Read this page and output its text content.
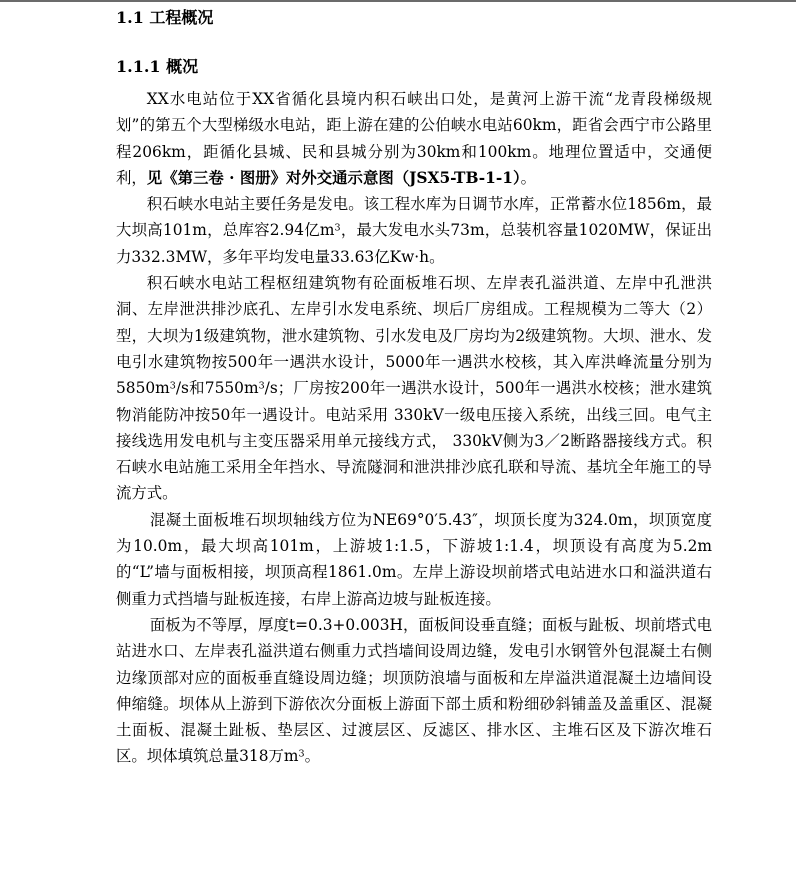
1.1 工程概况
1.1.1 概况

XX水电站位于XX省循化县境内积石峡出口处，是黄河上游干流“龙青段梯级规划”的第五个大型梯级水电站，距上游在建的公伯峡水电站60km，距省会西宁市公路里程206km，距循化县城、民和县城分别为30km和100km。地理位置适中，交通便利，见《第三卷 · 图册》对外交通示意图（JSX5-TB-1-1）。

积石峡水电站主要任务是发电。该工程水库为日调节水库，正常蓄水位1856m，最大坝高101m，总库容2.94亿$m^3$，最大发电水头73m，总装机容量1020MW，保证出力332.3MW，多年平均发电量33.63亿Kw·h。

积石峡水电站工程枢纽建筑物有砼面板堆石坝、左岸表孔溢洪道、左岸中孔泄洪洞、左岸泄洪排沙底孔、左岸引水发电系统、坝后厂房组成。工程规模为二等大（2）型，大坝为1级建筑物，泄水建筑物、引水发电及厂房均为2级建筑物。大坝、泄水、发电引水建筑物按500年一遇洪水设计，5000年一遇洪水校核，其入库洪峰流量分别为$5850m^3/s$和$7550m^3/s$；厂房按200年一遇洪水设计，500年一遇洪水校核；泄水建筑物消能防冲按50年一遇设计。电站采用 330kV一级电压接入系统，出线三回。电气主接线选用发电机与主变压器采用单元接线方式， 330kV侧为3／2断路器接线方式。积石峡水电站施工采用全年挡水、导流隧洞和泄洪排沙底孔联和导流、基坑全年施工的导流方式。

混凝土面板堆石坝坝轴线方位为NE69°0′5.43″，坝顶长度为324.0m，坝顶宽度为10.0m，最大坝高101m，上游坡1:1.5，下游坡1:1.4，坝顶设有高度为5.2m的“L”墙与面板相接，坝顶高程1861.0m。左岸上游设坝前塔式电站进水口和溢洪道右侧重力式挡墙与趾板连接，右岸上游高边坡与趾板连接。

面板为不等厚，厚度t=0.3+0.003H，面板间设垂直缝；面板与趾板、坝前塔式电站进水口、左岸表孔溢洪道右侧重力式挡墙间设周边缝，发电引水钢管外包混凝土右侧边缘顶部对应的面板垂直缝设周边缝；坝顶防浪墙与面板和左岸溢洪道混凝土边墙间设伸缩缝。坝体从上游到下游依次分面板上游面下部土质和粉细砂斜铺盖及盖重区、混凝土面板、混凝土趾板、垫层区、过渡层区、反滤区、排水区、主堆石区及下游次堆石区。坝体填筑总量318万$m^3$。
